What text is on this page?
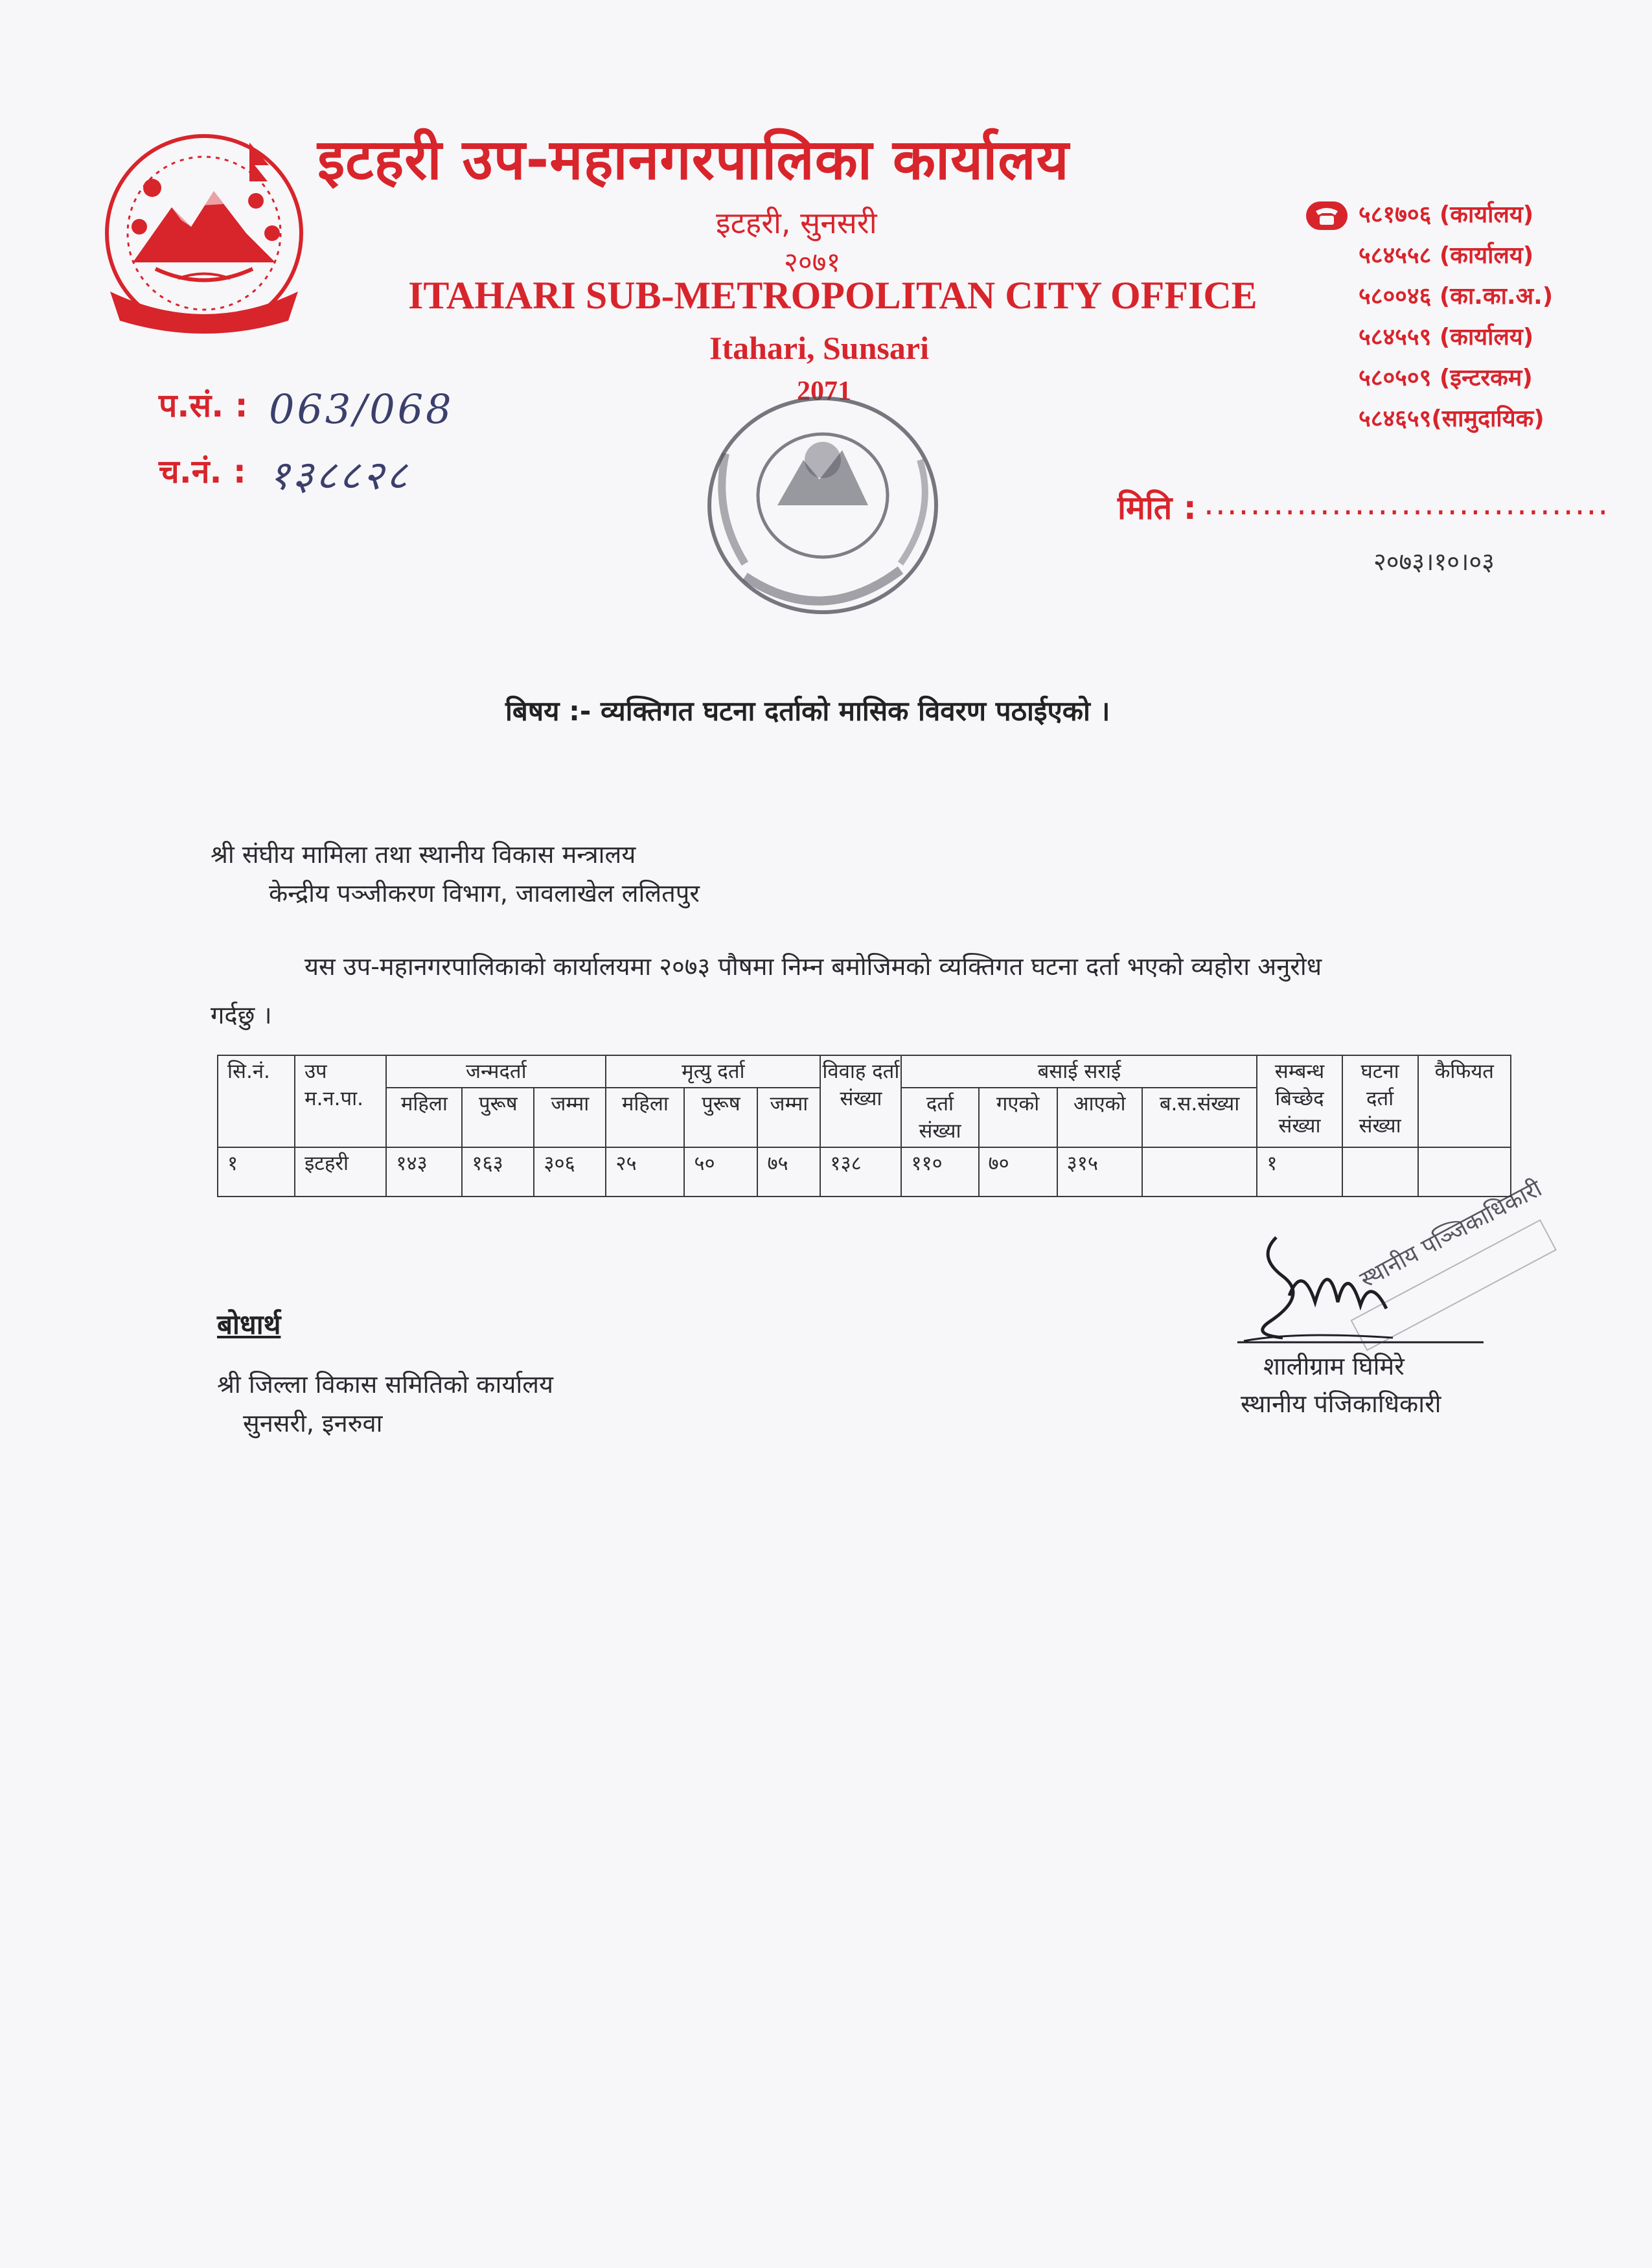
इटहरी उप-महानगरपालिका कार्यालय
इटहरी, सुनसरी
२०७१
ITAHARI SUB-METROPOLITAN CITY OFFICE
Itahari, Sunsari
2071
५८१७०६ (कार्यालय)
५८४५५८ (कार्यालय)
५८००४६ (का.का.अ.)
५८४५५९ (कार्यालय)
५८०५०९ (इन्टरकम)
५८४६५९(सामुदायिक)
प.सं. : 063/068
च.नं. : १३८८२८
मिति : ...................................
२०७३।१०।०३
बिषय :- व्यक्तिगत घटना दर्ताको मासिक विवरण पठाईएको ।
श्री संघीय मामिला तथा स्थानीय विकास मन्त्रालय
केन्द्रीय पञ्जीकरण विभाग, जावलाखेल ललितपुर
यस उप-महानगरपालिकाको कार्यालयमा २०७३ पौषमा निम्न बमोजिमको व्यक्तिगत घटना दर्ता भएको व्यहोरा अनुरोध
गर्दछु ।
सि.नं.	उप म.न.पा.	जन्मदर्ता			मृत्यु दर्ता			विवाह दर्ता संख्या	बसाई सराई				सम्बन्ध बिच्छेद संख्या	घटना दर्ता संख्या	कैफियत
		महिला	पुरूष	जम्मा	महिला	पुरूष	जम्मा		दर्ता संख्या	गएको	आएको	ब.स.संख्या			
१	इटहरी	१४३	१६३	३०६	२५	५०	७५	१३८	११०	७०	३१५		१		
बोधार्थ
श्री जिल्ला विकास समितिको कार्यालय
सुनसरी, इनरुवा
स्थानीय पञ्जिकाधिकारी
शालीग्राम घिमिरे
स्थानीय पंजिकाधिकारी
